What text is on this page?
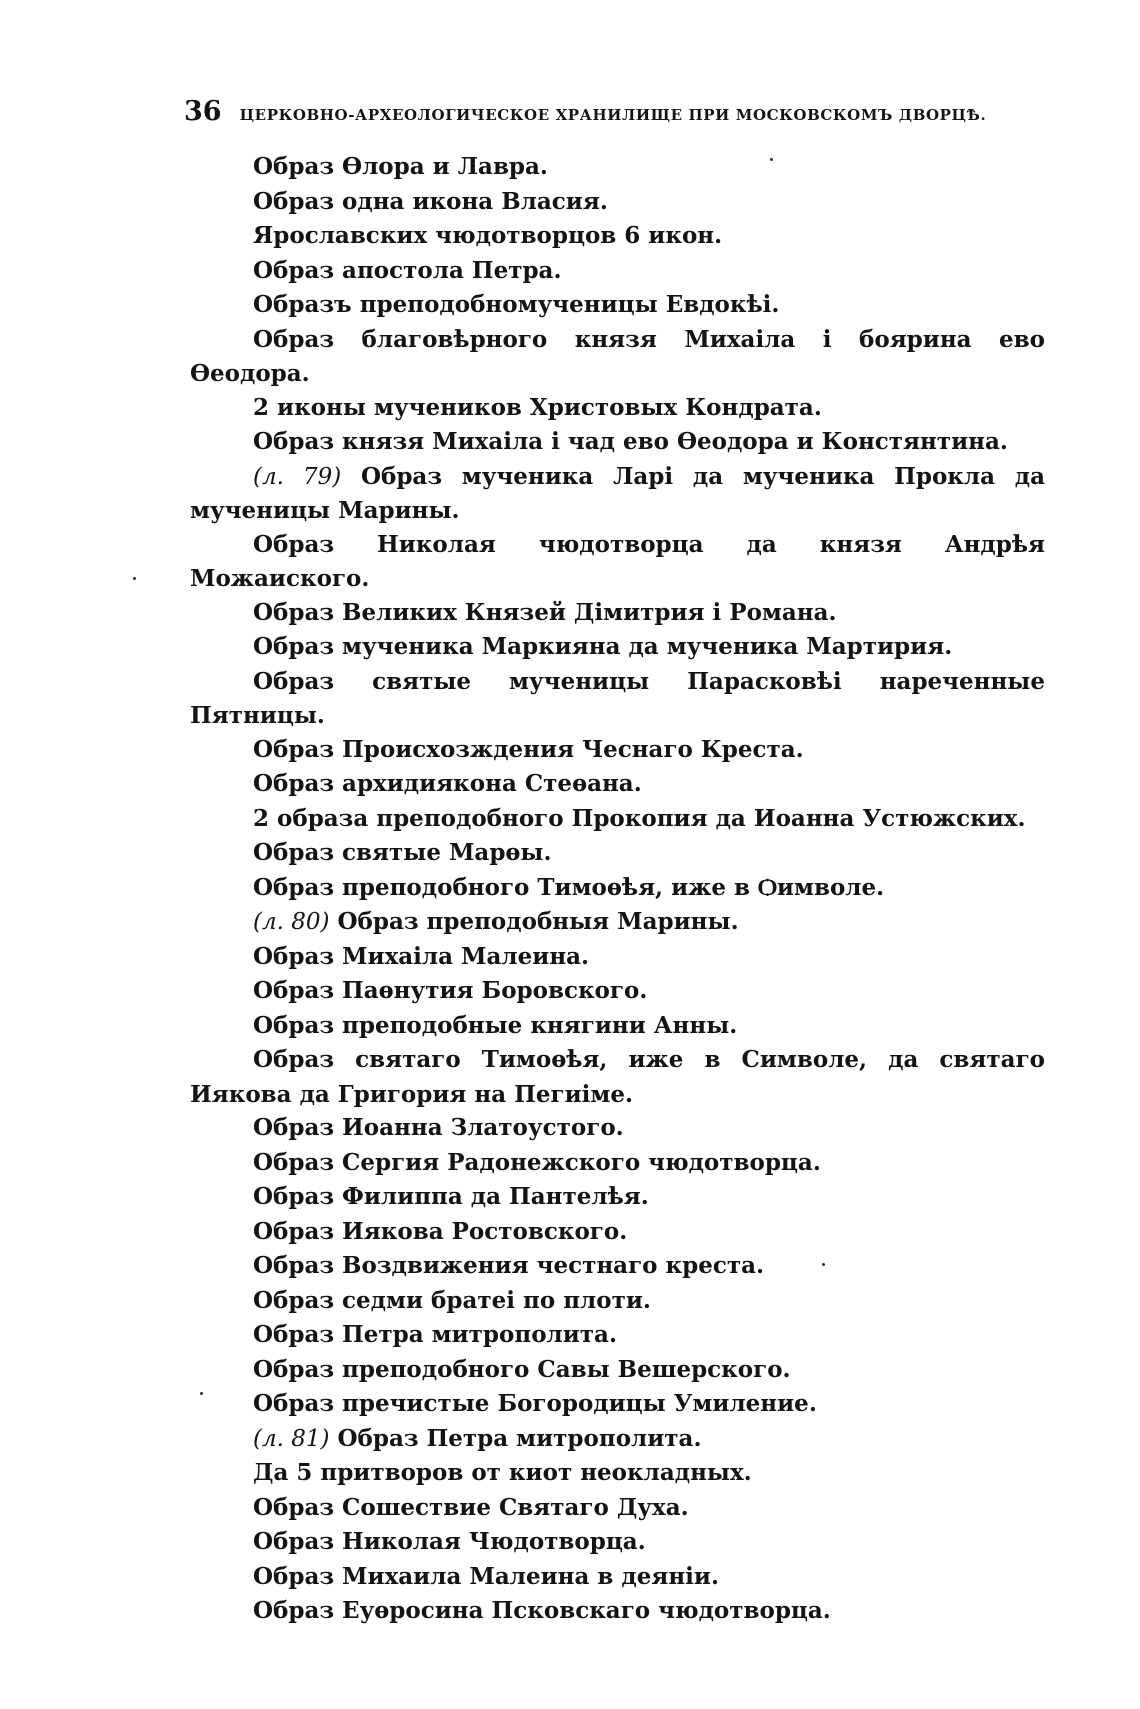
36 ЦЕРКОВНО-АРХЕОЛОГИЧЕСКОЕ ХРАНИЛИЩЕ ПРИ МОСКОВСКОМЪ ДВОРЦѢ.

Образ Ѳлора и Лавра.

Образ одна икона Власия.

Ярославских чюдотворцов 6 икон.

Образ апостола Петра.

Образъ преподобномученицы Евдокѣі.

Образ благовѣрного князя Михаіла і боярина ево Ѳеодора.

2 иконы мучеников Христовых Кондрата.

Образ князя Михаіла і чад ево Ѳеодора и Констянтина.

(л. 79) Образ мученика Ларі да мученика Прокла да мученицы Марины.

Образ Николая чюдотворца да князя Андрѣя Можаиского.

Образ Великих Князей Дімитрия і Романа.

Образ мученика Маркияна да мученика Мартирия.

Образ святые мученицы Парасковѣі нареченные Пятницы.

Образ Происхозждения Чеснаго Креста.

Образ архидиякона Стеѳана.

2 образа преподобного Прокопия да Иоанна Устюжских.

Образ святые Марѳы.

Образ преподобного Тимоѳѣя, иже в Ѻимволе.

(л. 80) Образ преподобныя Марины.

Образ Михаіла Малеина.

Образ Паѳнутия Боровского.

Образ преподобные княгини Анны.

Образ святаго Тимоѳѣя, иже в Символе, да святаго Иякова да Григория на Пегиіме.

Образ Иоанна Златоустого.

Образ Сергия Радонежского чюдотворца.

Образ Филиппа да Пантелѣя.

Образ Иякова Ростовского.

Образ Воздвижения честнаго креста.

Образ седми братеі по плоти.

Образ Петра митрополита.

Образ преподобного Савы Вешерского.

Образ пречистые Богородицы Умиление.

(л. 81) Образ Петра митрополита.

Да 5 притворов от киот неокладных.

Образ Сошествие Святаго Духа.

Образ Николая Чюдотворца.

Образ Михаила Малеина в деяніи.

Образ Еуѳросина Псковскаго чюдотворца.
